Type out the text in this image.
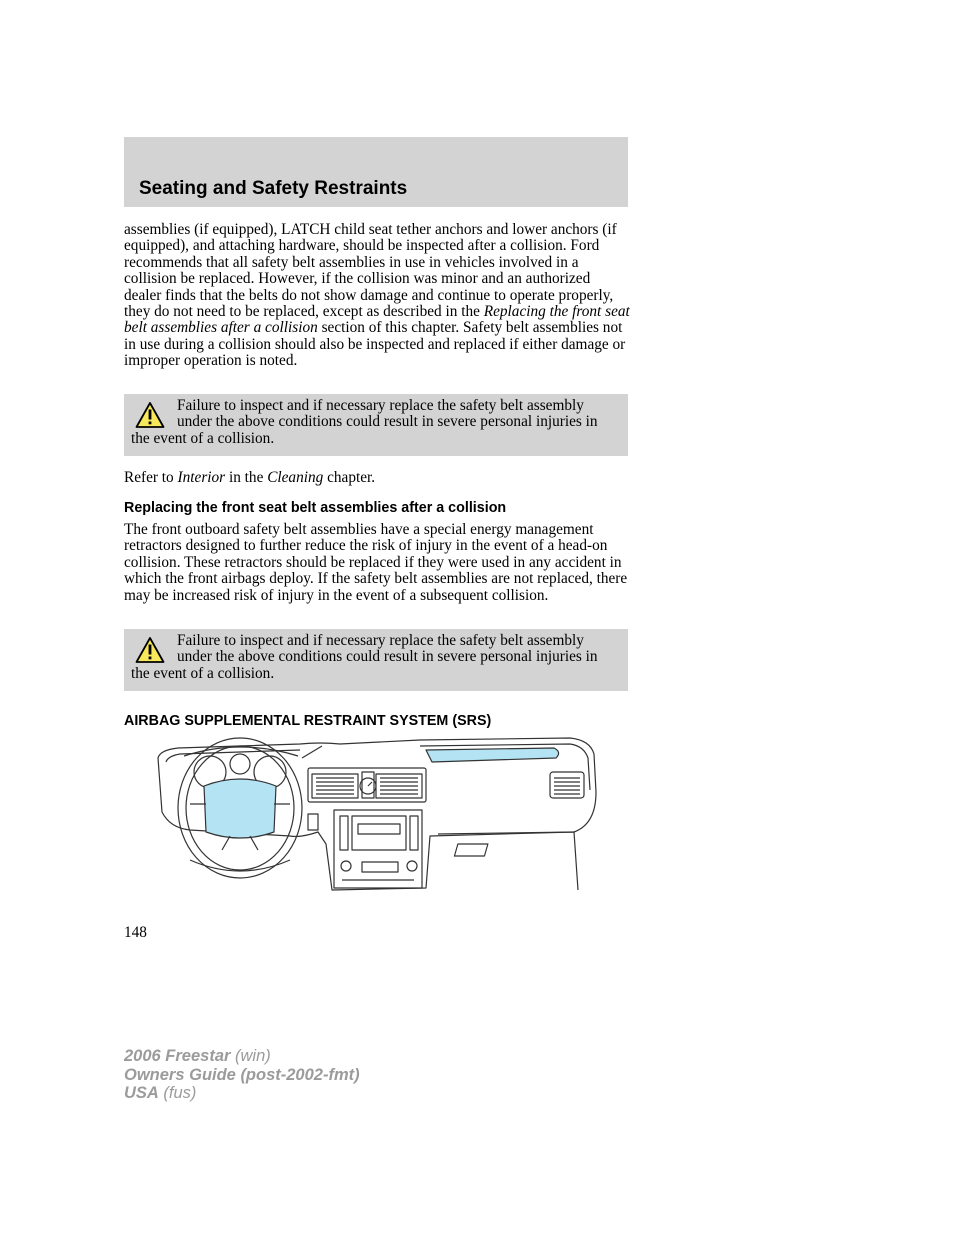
Seating and Safety Restraints

assemblies (if equipped), LATCH child seat tether anchors and lower anchors (if equipped), and attaching hardware, should be inspected after a collision. Ford recommends that all safety belt assemblies in use in vehicles involved in a collision be replaced. However, if the collision was minor and an authorized dealer finds that the belts do not show damage and continue to operate properly, they do not need to be replaced, except as described in the Replacing the front seat belt assemblies after a collision section of this chapter. Safety belt assemblies not in use during a collision should also be inspected and replaced if either damage or improper operation is noted.

Failure to inspect and if necessary replace the safety belt assembly under the above conditions could result in severe personal injuries in the event of a collision.

Refer to Interior in the Cleaning chapter.

Replacing the front seat belt assemblies after a collision

The front outboard safety belt assemblies have a special energy management retractors designed to further reduce the risk of injury in the event of a head-on collision. These retractors should be replaced if they were used in any accident in which the front airbags deploy. If the safety belt assemblies are not replaced, there may be increased risk of injury in the event of a subsequent collision.

Failure to inspect and if necessary replace the safety belt assembly under the above conditions could result in severe personal injuries in the event of a collision.

AIRBAG SUPPLEMENTAL RESTRAINT SYSTEM (SRS)

148

2006 Freestar (win)
Owners Guide (post-2002-fmt)
USA (fus)
